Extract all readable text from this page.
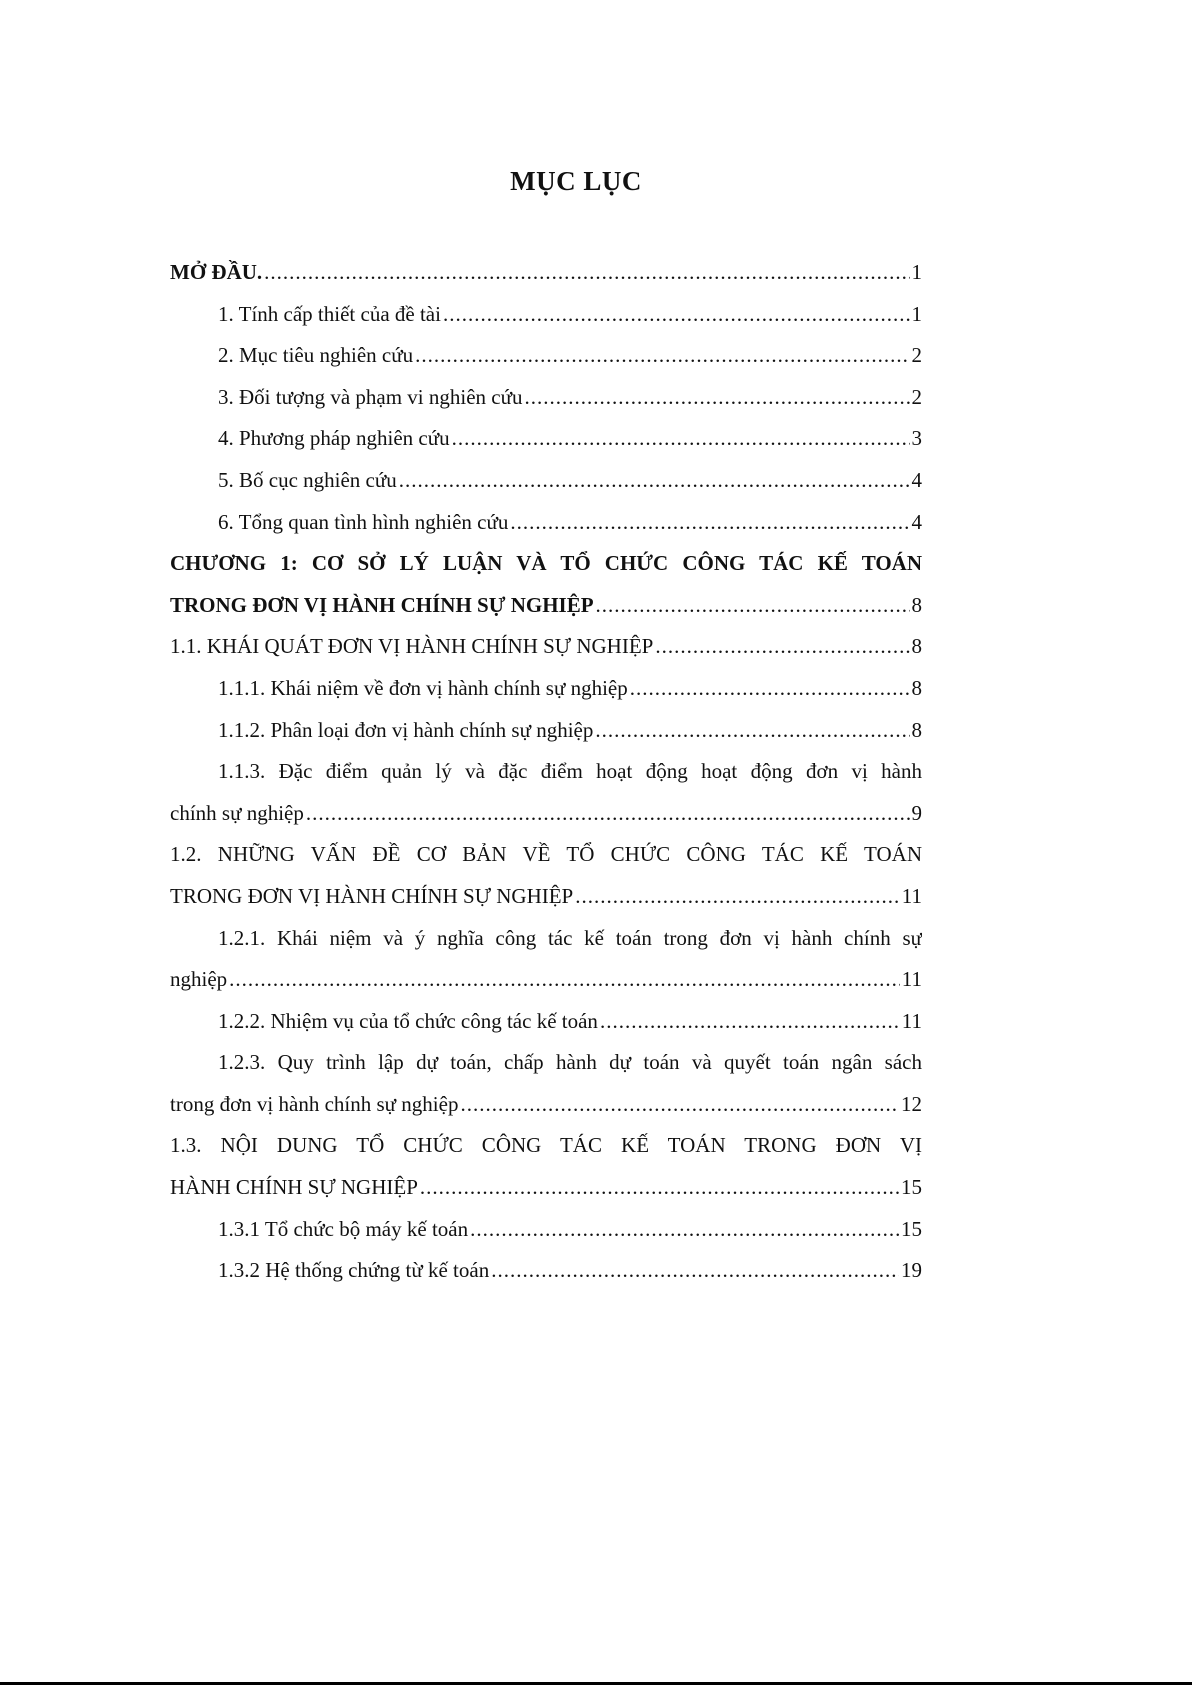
MỤC LỤC
MỞ ĐẦU. .....	1
1. Tính cấp thiết của đề tài .....	1
2. Mục tiêu nghiên cứu .....	2
3. Đối tượng và phạm vi nghiên cứu .....	2
4. Phương pháp nghiên cứu .....	3
5. Bố cục nghiên cứu .....	4
6. Tổng quan tình hình nghiên cứu .....	4
CHƯƠNG 1: CƠ SỞ LÝ LUẬN VÀ TỔ CHỨC CÔNG TÁC KẾ TOÁN
TRONG ĐƠN VỊ HÀNH CHÍNH SỰ NGHIỆP .....	8
1.1. KHÁI QUÁT ĐƠN VỊ HÀNH CHÍNH SỰ NGHIỆP .....	8
1.1.1. Khái niệm về đơn vị hành chính sự nghiệp .....	8
1.1.2. Phân loại đơn vị hành chính sự nghiệp .....	8
1.1.3. Đặc điểm quản lý và đặc điểm hoạt động hoạt động đơn vị hành
chính sự nghiệp .....	9
1.2. NHỮNG VẤN ĐỀ CƠ BẢN VỀ TỔ CHỨC CÔNG TÁC KẾ TOÁN
TRONG ĐƠN VỊ HÀNH CHÍNH SỰ NGHIỆP .....	11
1.2.1. Khái niệm và ý nghĩa công tác kế toán trong đơn vị hành chính sự
nghiệp .....	11
1.2.2. Nhiệm vụ của tổ chức công tác kế toán .....	11
1.2.3. Quy trình lập dự toán, chấp hành dự toán và quyết toán ngân sách
trong đơn vị hành chính sự nghiệp .....	12
1.3. NỘI DUNG TỔ CHỨC CÔNG TÁC KẾ TOÁN TRONG ĐƠN VỊ
HÀNH CHÍNH SỰ NGHIỆP .....	15
1.3.1 Tổ chức bộ máy kế toán .....	15
1.3.2 Hệ thống chứng từ kế toán .....	19
